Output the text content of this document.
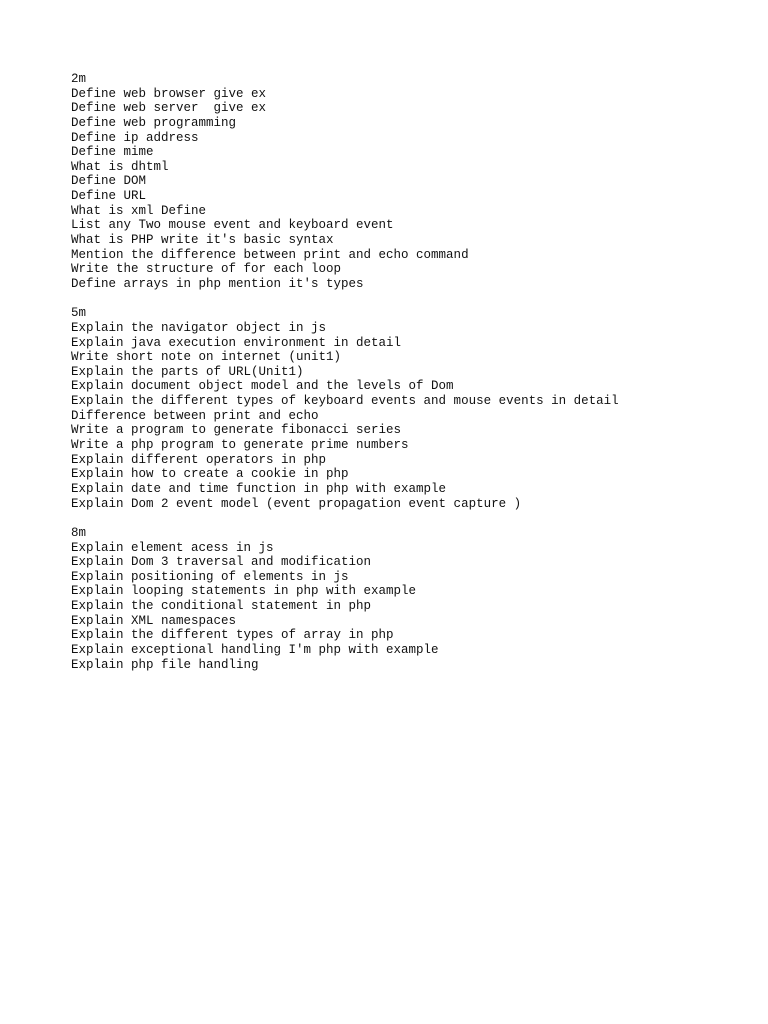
2m
Define web browser give ex
Define web server  give ex
Define web programming
Define ip address
Define mime
What is dhtml
Define DOM
Define URL
What is xml Define
List any Two mouse event and keyboard event
What is PHP write it's basic syntax
Mention the difference between print and echo command
Write the structure of for each loop
Define arrays in php mention it's types
5m
Explain the navigator object in js
Explain java execution environment in detail
Write short note on internet (unit1)
Explain the parts of URL(Unit1)
Explain document object model and the levels of Dom
Explain the different types of keyboard events and mouse events in detail
Difference between print and echo
Write a program to generate fibonacci series
Write a php program to generate prime numbers
Explain different operators in php
Explain how to create a cookie in php
Explain date and time function in php with example
Explain Dom 2 event model (event propagation event capture )
8m
Explain element acess in js
Explain Dom 3 traversal and modification
Explain positioning of elements in js
Explain looping statements in php with example
Explain the conditional statement in php
Explain XML namespaces
Explain the different types of array in php
Explain exceptional handling I'm php with example
Explain php file handling
